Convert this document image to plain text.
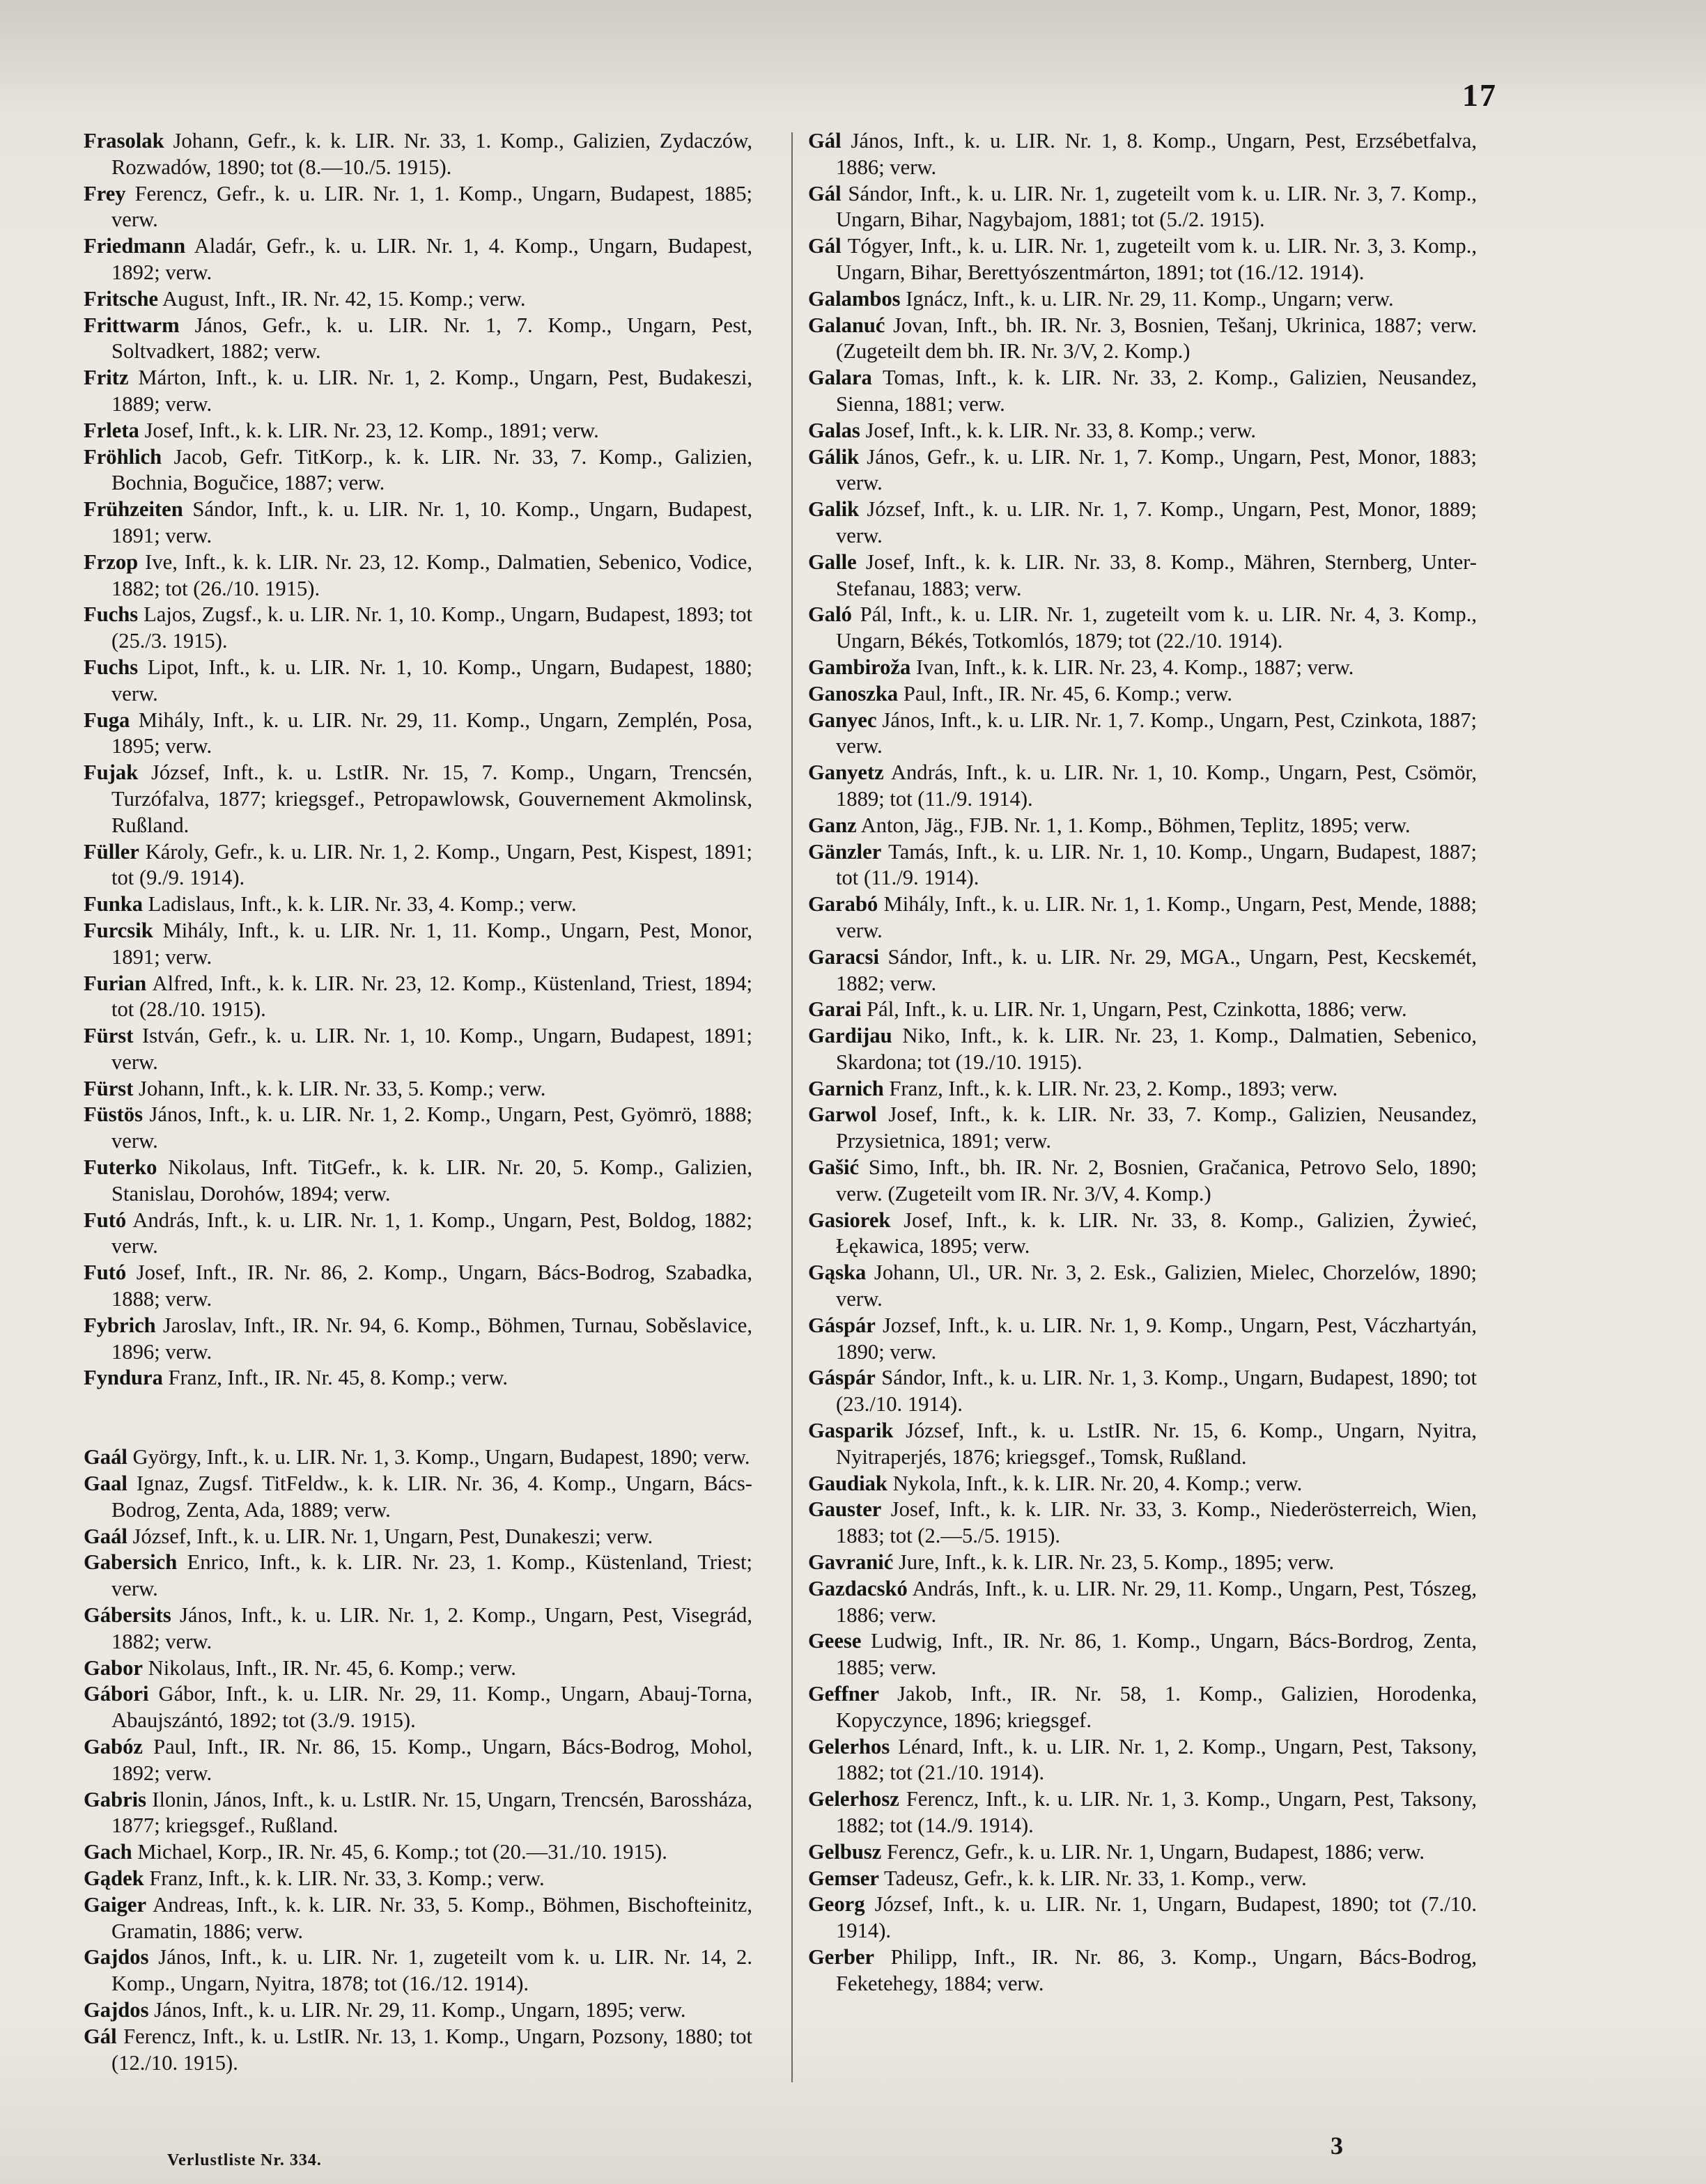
17

Frasolak Johann, Gefr., k. k. LIR. Nr. 33, 1. Komp., Galizien, Zydaczów, Rozwadów, 1890; tot (8.—10./5. 1915).

Frey Ferencz, Gefr., k. u. LIR. Nr. 1, 1. Komp., Ungarn, Budapest, 1885; verw.

Friedmann Aladár, Gefr., k. u. LIR. Nr. 1, 4. Komp., Ungarn, Budapest, 1892; verw.

Fritsche August, Inft., IR. Nr. 42, 15. Komp.; verw.

Frittwarm János, Gefr., k. u. LIR. Nr. 1, 7. Komp., Ungarn, Pest, Soltvadkert, 1882; verw.

Fritz Márton, Inft., k. u. LIR. Nr. 1, 2. Komp., Ungarn, Pest, Budakeszi, 1889; verw.

Frleta Josef, Inft., k. k. LIR. Nr. 23, 12. Komp., 1891; verw.

Fröhlich Jacob, Gefr. TitKorp., k. k. LIR. Nr. 33, 7. Komp., Galizien, Bochnia, Bogučice, 1887; verw.

Frühzeiten Sándor, Inft., k. u. LIR. Nr. 1, 10. Komp., Ungarn, Budapest, 1891; verw.

Frzop Ive, Inft., k. k. LIR. Nr. 23, 12. Komp., Dalmatien, Sebenico, Vodice, 1882; tot (26./10. 1915).

Fuchs Lajos, Zugsf., k. u. LIR. Nr. 1, 10. Komp., Ungarn, Budapest, 1893; tot (25./3. 1915).

Fuchs Lipot, Inft., k. u. LIR. Nr. 1, 10. Komp., Ungarn, Budapest, 1880; verw.

Fuga Mihály, Inft., k. u. LIR. Nr. 29, 11. Komp., Ungarn, Zemplén, Posa, 1895; verw.

Fujak József, Inft., k. u. LstIR. Nr. 15, 7. Komp., Ungarn, Trencsén, Turzófalva, 1877; kriegsgef., Petropawlowsk, Gouvernement Akmolinsk, Rußland.

Füller Károly, Gefr., k. u. LIR. Nr. 1, 2. Komp., Ungarn, Pest, Kispest, 1891; tot (9./9. 1914).

Funka Ladislaus, Inft., k. k. LIR. Nr. 33, 4. Komp.; verw.

Furcsik Mihály, Inft., k. u. LIR. Nr. 1, 11. Komp., Ungarn, Pest, Monor, 1891; verw.

Furian Alfred, Inft., k. k. LIR. Nr. 23, 12. Komp., Küstenland, Triest, 1894; tot (28./10. 1915).

Fürst István, Gefr., k. u. LIR. Nr. 1, 10. Komp., Ungarn, Budapest, 1891; verw.

Fürst Johann, Inft., k. k. LIR. Nr. 33, 5. Komp.; verw.

Füstös János, Inft., k. u. LIR. Nr. 1, 2. Komp., Ungarn, Pest, Gyömrö, 1888; verw.

Futerko Nikolaus, Inft. TitGefr., k. k. LIR. Nr. 20, 5. Komp., Galizien, Stanislau, Dorohów, 1894; verw.

Futó András, Inft., k. u. LIR. Nr. 1, 1. Komp., Ungarn, Pest, Boldog, 1882; verw.

Futó Josef, Inft., IR. Nr. 86, 2. Komp., Ungarn, Bács-Bodrog, Szabadka, 1888; verw.

Fybrich Jaroslav, Inft., IR. Nr. 94, 6. Komp., Böhmen, Turnau, Soběslavice, 1896; verw.

Fyndura Franz, Inft., IR. Nr. 45, 8. Komp.; verw.

Gaál György, Inft., k. u. LIR. Nr. 1, 3. Komp., Ungarn, Budapest, 1890; verw.

Gaal Ignaz, Zugsf. TitFeldw., k. k. LIR. Nr. 36, 4. Komp., Ungarn, Bács-Bodrog, Zenta, Ada, 1889; verw.

Gaál József, Inft., k. u. LIR. Nr. 1, Ungarn, Pest, Dunakeszi; verw.

Gabersich Enrico, Inft., k. k. LIR. Nr. 23, 1. Komp., Küstenland, Triest; verw.

Gábersits János, Inft., k. u. LIR. Nr. 1, 2. Komp., Ungarn, Pest, Visegrád, 1882; verw.

Gabor Nikolaus, Inft., IR. Nr. 45, 6. Komp.; verw.

Gábori Gábor, Inft., k. u. LIR. Nr. 29, 11. Komp., Ungarn, Abauj-Torna, Abaujszántó, 1892; tot (3./9. 1915).

Gabóz Paul, Inft., IR. Nr. 86, 15. Komp., Ungarn, Bács-Bodrog, Mohol, 1892; verw.

Gabris Ilonin, János, Inft., k. u. LstIR. Nr. 15, Ungarn, Trencsén, Barossháza, 1877; kriegsgef., Rußland.

Gach Michael, Korp., IR. Nr. 45, 6. Komp.; tot (20.—31./10. 1915).

Gądek Franz, Inft., k. k. LIR. Nr. 33, 3. Komp.; verw.

Gaiger Andreas, Inft., k. k. LIR. Nr. 33, 5. Komp., Böhmen, Bischofteinitz, Gramatin, 1886; verw.

Gajdos János, Inft., k. u. LIR. Nr. 1, zugeteilt vom k. u. LIR. Nr. 14, 2. Komp., Ungarn, Nyitra, 1878; tot (16./12. 1914).

Gajdos János, Inft., k. u. LIR. Nr. 29, 11. Komp., Ungarn, 1895; verw.

Gál Ferencz, Inft., k. u. LstIR. Nr. 13, 1. Komp., Ungarn, Pozsony, 1880; tot (12./10. 1915).

Gál János, Inft., k. u. LIR. Nr. 1, 8. Komp., Ungarn, Pest, Erzsébetfalva, 1886; verw.

Gál Sándor, Inft., k. u. LIR. Nr. 1, zugeteilt vom k. u. LIR. Nr. 3, 7. Komp., Ungarn, Bihar, Nagybajom, 1881; tot (5./2. 1915).

Gál Tógyer, Inft., k. u. LIR. Nr. 1, zugeteilt vom k. u. LIR. Nr. 3, 3. Komp., Ungarn, Bihar, Berettyószentmárton, 1891; tot (16./12. 1914).

Galambos Ignácz, Inft., k. u. LIR. Nr. 29, 11. Komp., Ungarn; verw.

Galanuć Jovan, Inft., bh. IR. Nr. 3, Bosnien, Tešanj, Ukrinica, 1887; verw. (Zugeteilt dem bh. IR. Nr. 3/V, 2. Komp.)

Galara Tomas, Inft., k. k. LIR. Nr. 33, 2. Komp., Galizien, Neusandez, Sienna, 1881; verw.

Galas Josef, Inft., k. k. LIR. Nr. 33, 8. Komp.; verw.

Gálik János, Gefr., k. u. LIR. Nr. 1, 7. Komp., Ungarn, Pest, Monor, 1883; verw.

Galik József, Inft., k. u. LIR. Nr. 1, 7. Komp., Ungarn, Pest, Monor, 1889; verw.

Galle Josef, Inft., k. k. LIR. Nr. 33, 8. Komp., Mähren, Sternberg, Unter-Stefanau, 1883; verw.

Galó Pál, Inft., k. u. LIR. Nr. 1, zugeteilt vom k. u. LIR. Nr. 4, 3. Komp., Ungarn, Békés, Totkomlós, 1879; tot (22./10. 1914).

Gambiroža Ivan, Inft., k. k. LIR. Nr. 23, 4. Komp., 1887; verw.

Ganoszka Paul, Inft., IR. Nr. 45, 6. Komp.; verw.

Ganyec János, Inft., k. u. LIR. Nr. 1, 7. Komp., Ungarn, Pest, Czinkota, 1887; verw.

Ganyetz András, Inft., k. u. LIR. Nr. 1, 10. Komp., Ungarn, Pest, Csömör, 1889; tot (11./9. 1914).

Ganz Anton, Jäg., FJB. Nr. 1, 1. Komp., Böhmen, Teplitz, 1895; verw.

Gänzler Tamás, Inft., k. u. LIR. Nr. 1, 10. Komp., Ungarn, Budapest, 1887; tot (11./9. 1914).

Garabó Mihály, Inft., k. u. LIR. Nr. 1, 1. Komp., Ungarn, Pest, Mende, 1888; verw.

Garacsi Sándor, Inft., k. u. LIR. Nr. 29, MGA., Ungarn, Pest, Kecskemét, 1882; verw.

Garai Pál, Inft., k. u. LIR. Nr. 1, Ungarn, Pest, Czinkotta, 1886; verw.

Gardijau Niko, Inft., k. k. LIR. Nr. 23, 1. Komp., Dalmatien, Sebenico, Skardona; tot (19./10. 1915).

Garnich Franz, Inft., k. k. LIR. Nr. 23, 2. Komp., 1893; verw.

Garwol Josef, Inft., k. k. LIR. Nr. 33, 7. Komp., Galizien, Neusandez, Przysietnica, 1891; verw.

Gašić Simo, Inft., bh. IR. Nr. 2, Bosnien, Gračanica, Petrovo Selo, 1890; verw. (Zugeteilt vom IR. Nr. 3/V, 4. Komp.)

Gasiorek Josef, Inft., k. k. LIR. Nr. 33, 8. Komp., Galizien, Żywieć, Łękawica, 1895; verw.

Gąska Johann, Ul., UR. Nr. 3, 2. Esk., Galizien, Mielec, Chorzelów, 1890; verw.

Gáspár Jozsef, Inft., k. u. LIR. Nr. 1, 9. Komp., Ungarn, Pest, Váczhartyán, 1890; verw.

Gáspár Sándor, Inft., k. u. LIR. Nr. 1, 3. Komp., Ungarn, Budapest, 1890; tot (23./10. 1914).

Gasparik József, Inft., k. u. LstIR. Nr. 15, 6. Komp., Ungarn, Nyitra, Nyitraperjés, 1876; kriegsgef., Tomsk, Rußland.

Gaudiak Nykola, Inft., k. k. LIR. Nr. 20, 4. Komp.; verw.

Gauster Josef, Inft., k. k. LIR. Nr. 33, 3. Komp., Niederösterreich, Wien, 1883; tot (2.—5./5. 1915).

Gavranić Jure, Inft., k. k. LIR. Nr. 23, 5. Komp., 1895; verw.

Gazdacskó András, Inft., k. u. LIR. Nr. 29, 11. Komp., Ungarn, Pest, Tószeg, 1886; verw.

Geese Ludwig, Inft., IR. Nr. 86, 1. Komp., Ungarn, Bács-Bordrog, Zenta, 1885; verw.

Geffner Jakob, Inft., IR. Nr. 58, 1. Komp., Galizien, Horodenka, Kopyczynce, 1896; kriegsgef.

Gelerhos Lénard, Inft., k. u. LIR. Nr. 1, 2. Komp., Ungarn, Pest, Taksony, 1882; tot (21./10. 1914).

Gelerhosz Ferencz, Inft., k. u. LIR. Nr. 1, 3. Komp., Ungarn, Pest, Taksony, 1882; tot (14./9. 1914).

Gelbusz Ferencz, Gefr., k. u. LIR. Nr. 1, Ungarn, Budapest, 1886; verw.

Gemser Tadeusz, Gefr., k. k. LIR. Nr. 33, 1. Komp., verw.

Georg József, Inft., k. u. LIR. Nr. 1, Ungarn, Budapest, 1890; tot (7./10. 1914).

Gerber Philipp, Inft., IR. Nr. 86, 3. Komp., Ungarn, Bács-Bodrog, Feketehegy, 1884; verw.

Verlustliste Nr. 334.
3
